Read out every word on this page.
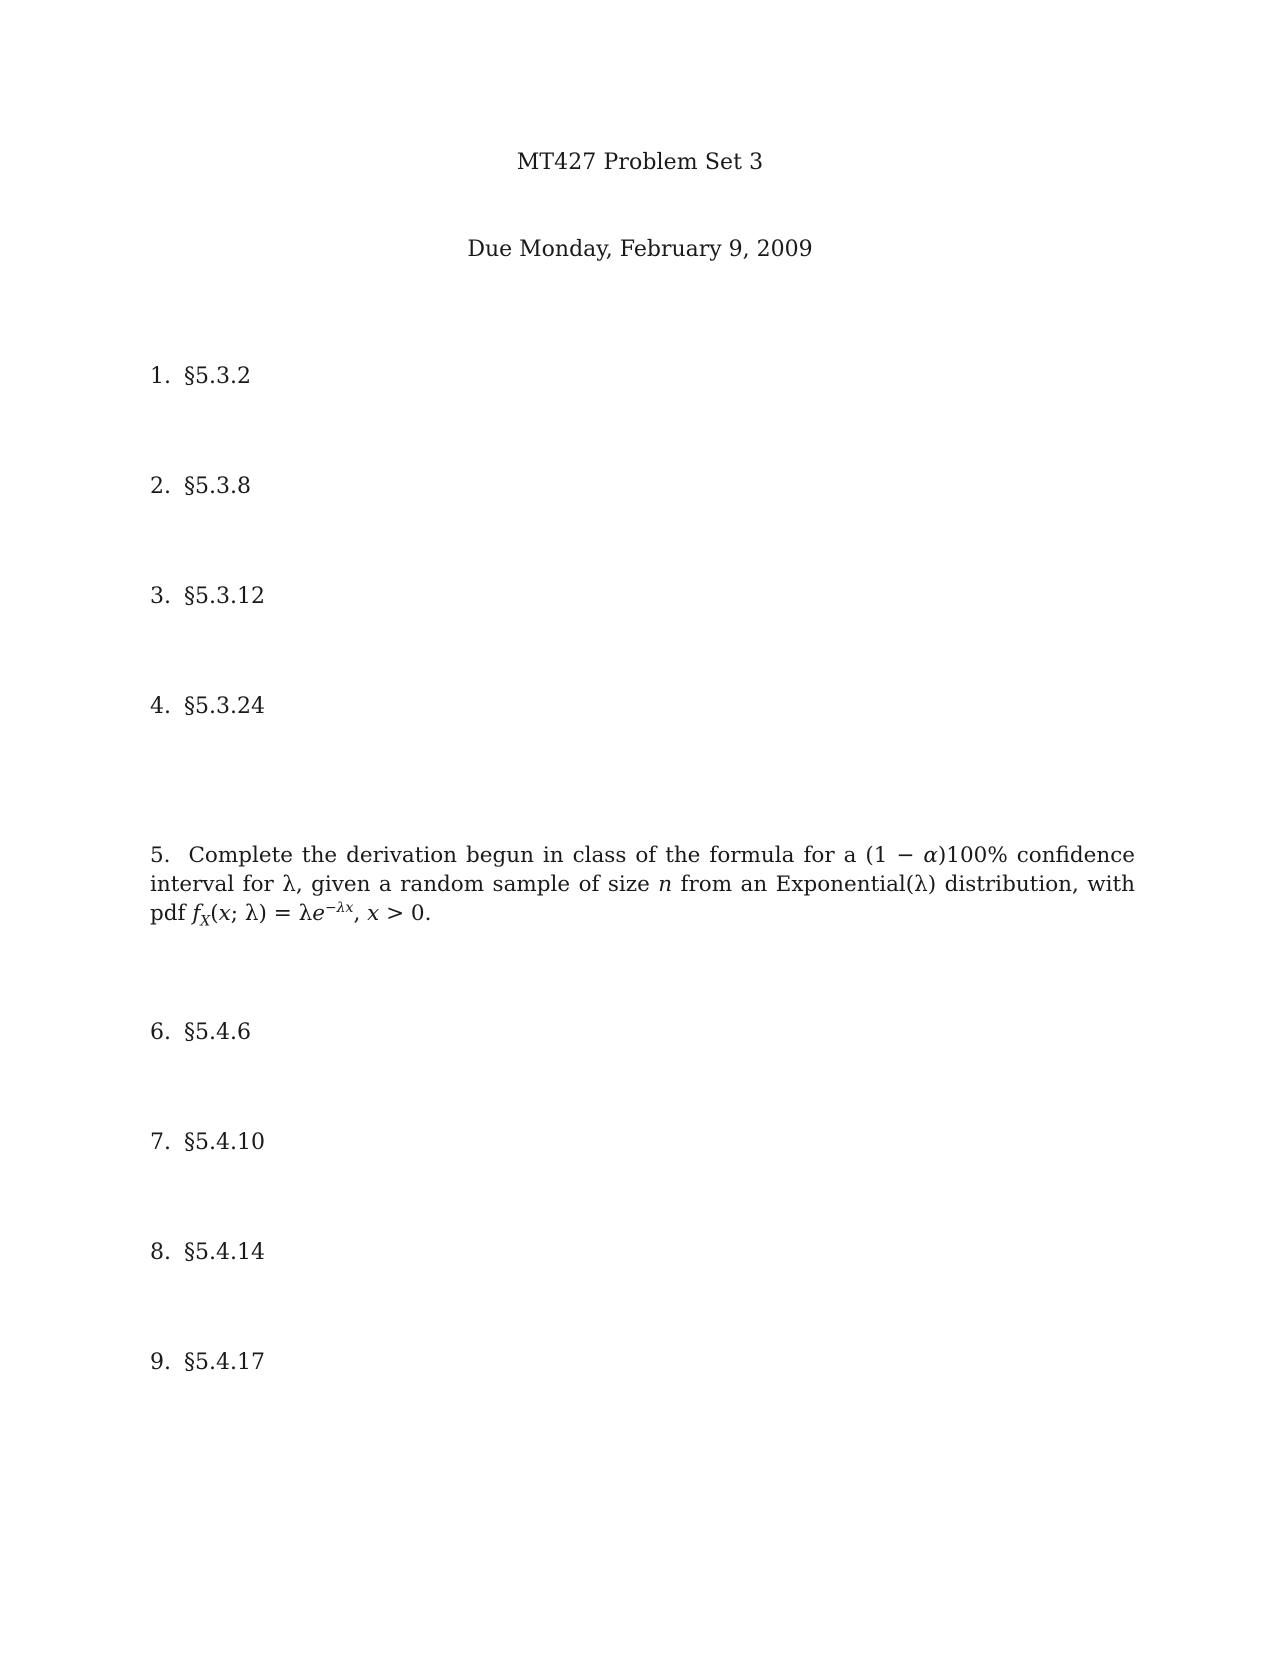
MT427 Problem Set 3
Due Monday, February 9, 2009
1. §5.3.2
2. §5.3.8
3. §5.3.12
4. §5.3.24
5. Complete the derivation begun in class of the formula for a (1 − α)100% confidence interval for λ, given a random sample of size n from an Exponential(λ) distribution, with pdf $f_X(x$; $\lambda) = \lambda e^{-\lambda x}$, x > 0.
6. §5.4.6
7. §5.4.10
8. §5.4.14
9. §5.4.17
